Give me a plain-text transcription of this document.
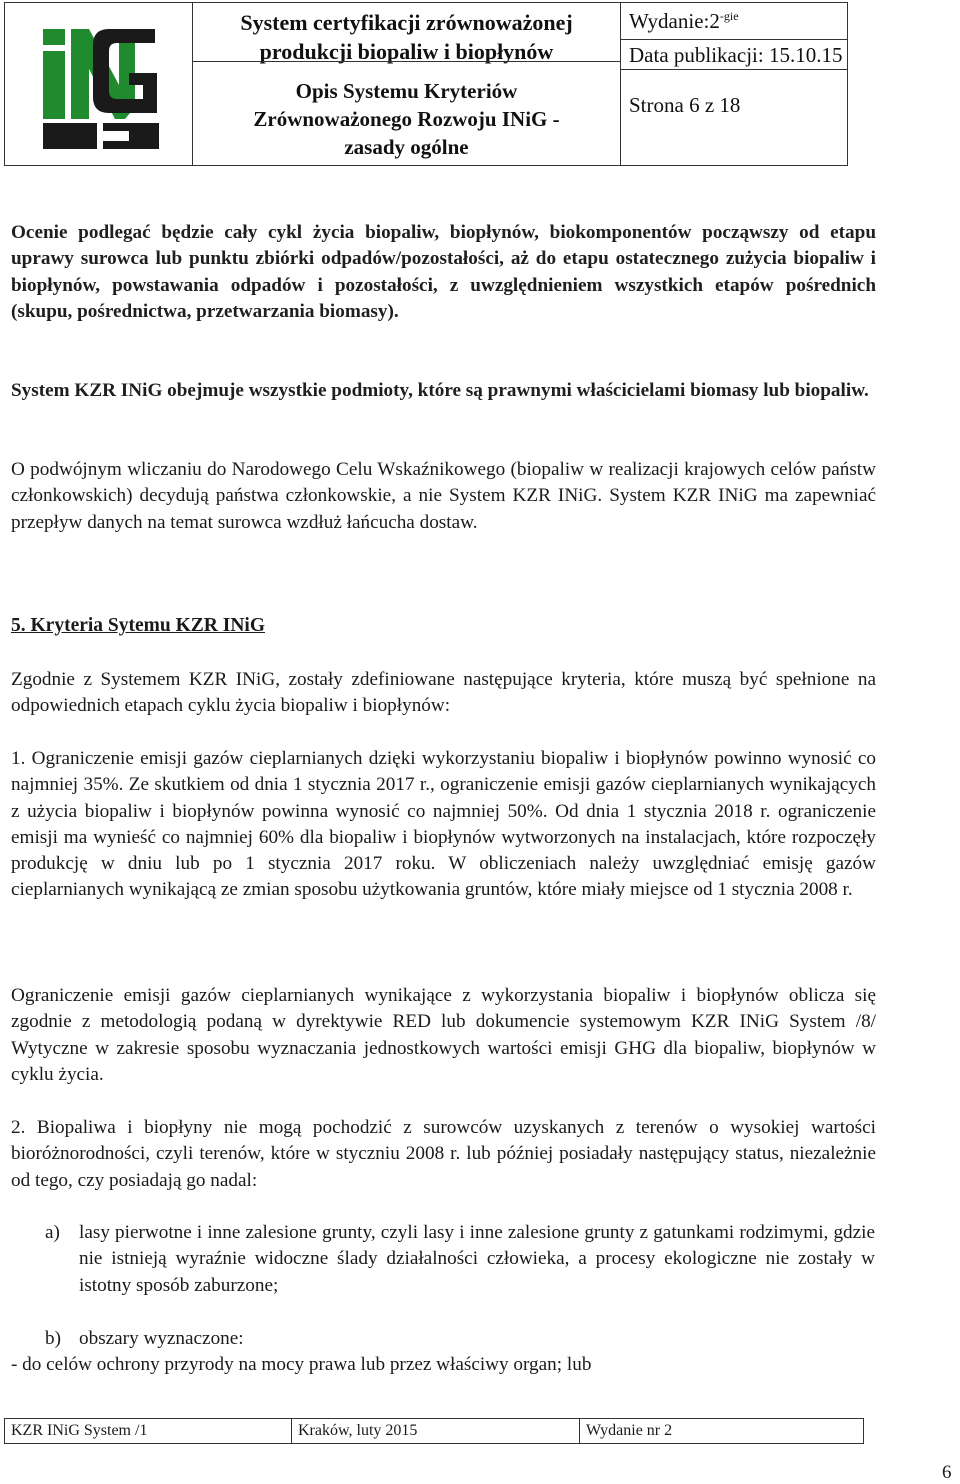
System certyfikacji zrównoważonej
produkcji biopaliw i biopłynów
Opis Systemu Kryteriów
Zrównoważonego Rozwoju INiG -
zasady ogólne
$Wydanie:2^{-gie}$
Data publikacji: 15.10.15
Strona 6 z 18

Ocenie podlegać będzie cały cykl życia biopaliw, biopłynów, biokomponentów począwszy od etapu uprawy surowca lub punktu zbiórki odpadów/pozostałości, aż do etapu ostatecznego zużycia biopaliw i biopłynów, powstawania odpadów i pozostałości, z uwzględnieniem wszystkich etapów pośrednich (skupu, pośrednictwa, przetwarzania biomasy).

System KZR INiG obejmuje wszystkie podmioty, które są prawnymi właścicielami biomasy lub biopaliw.

O podwójnym wliczaniu do Narodowego Celu Wskaźnikowego (biopaliw w realizacji krajowych celów państw członkowskich) decydują państwa członkowskie, a nie System KZR INiG. System KZR INiG ma zapewniać przepływ danych na temat surowca wzdłuż łańcucha dostaw.

5. Kryteria Sytemu KZR INiG

Zgodnie z Systemem KZR INiG, zostały zdefiniowane następujące kryteria, które muszą być spełnione na odpowiednich etapach cyklu życia biopaliw i biopłynów:

1. Ograniczenie emisji gazów cieplarnianych dzięki wykorzystaniu biopaliw i biopłynów powinno wynosić co najmniej 35%. Ze skutkiem od dnia 1 stycznia 2017 r., ograniczenie emisji gazów cieplarnianych wynikających z użycia biopaliw i biopłynów powinna wynosić co najmniej 50%. Od dnia 1 stycznia 2018 r. ograniczenie emisji ma wynieść co najmniej 60% dla biopaliw i biopłynów wytworzonych na instalacjach, które rozpoczęły produkcję w dniu lub po 1 stycznia 2017 roku. W obliczeniach należy uwzględniać emisję gazów cieplarnianych wynikającą ze zmian sposobu użytkowania gruntów, które miały miejsce od 1 stycznia 2008 r.

Ograniczenie emisji gazów cieplarnianych wynikające z wykorzystania biopaliw i biopłynów oblicza się zgodnie z metodologią podaną w dyrektywie RED lub dokumencie systemowym KZR INiG System /8/ Wytyczne w zakresie sposobu wyznaczania jednostkowych wartości emisji GHG dla biopaliw, biopłynów w cyklu życia.

2. Biopaliwa i biopłyny nie mogą pochodzić z surowców uzyskanych z terenów o wysokiej wartości bioróżnorodności, czyli terenów, które w styczniu 2008 r. lub później posiadały następujący status, niezależnie od tego, czy posiadają go nadal:

a) lasy pierwotne i inne zalesione grunty, czyli lasy i inne zalesione grunty z gatunkami rodzimymi, gdzie nie istnieją wyraźnie widoczne ślady działalności człowieka, a procesy ekologiczne nie zostały w istotny sposób zaburzone;
b) obszary wyznaczone:

- do celów ochrony przyrody na mocy prawa lub przez właściwy organ; lub

KZR INiG System /1	Kraków, luty 2015	Wydanie nr 2
6
